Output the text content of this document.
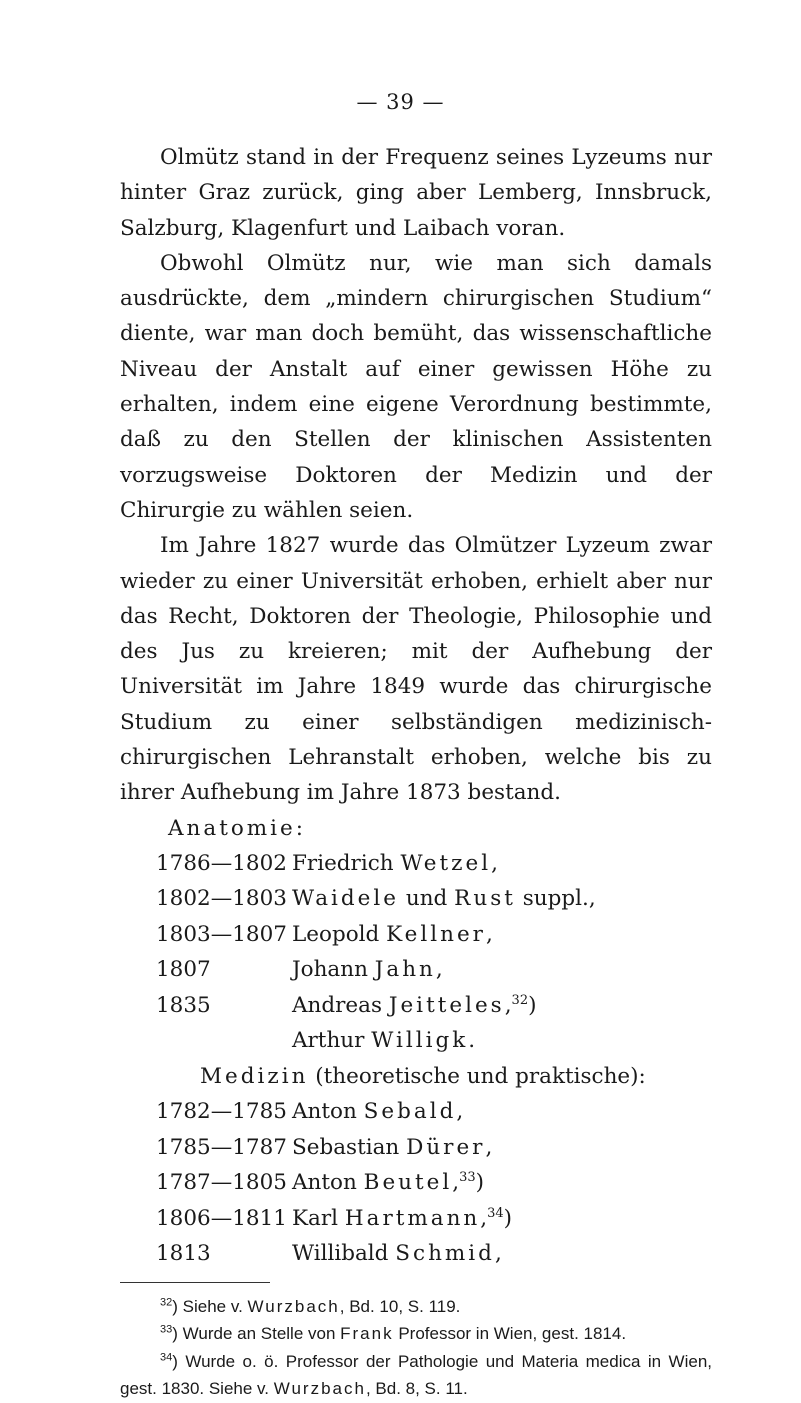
— 39 —

Olmütz stand in der Frequenz seines Lyzeums nur hinter Graz zurück, ging aber Lemberg, Innsbruck, Salzburg, Klagenfurt und Laibach voran.

Obwohl Olmütz nur, wie man sich damals ausdrückte, dem „mindern chirurgischen Studium“ diente, war man doch bemüht, das wissenschaftliche Niveau der Anstalt auf einer gewissen Höhe zu erhalten, indem eine eigene Verordnung bestimmte, daß zu den Stellen der klinischen Assistenten vorzugsweise Doktoren der Medizin und der Chirurgie zu wählen seien.

Im Jahre 1827 wurde das Olmützer Lyzeum zwar wieder zu einer Universität erhoben, erhielt aber nur das Recht, Doktoren der Theologie, Philosophie und des Jus zu kreieren; mit der Aufhebung der Universität im Jahre 1849 wurde das chirurgische Studium zu einer selbständigen medizinisch-chirurgischen Lehranstalt erhoben, welche bis zu ihrer Aufhebung im Jahre 1873 bestand.

Anatomie:

1786—1802 Friedrich Wetzel,
1802—1803 Waidele und Rust suppl.,
1803—1807 Leopold Kellner,
1807	Johann Jahn,
1835	Andreas Jeitteles,$^{32}$)
Arthur Willigk.

Medizin (theoretische und praktische):

1782—1785 Anton Sebald,
1785—1787 Sebastian Dürer,
1787—1805 Anton Beutel,$^{33}$)
1806—1811 Karl Hartmann,$^{34}$)
1813	Willibald Schmid,

$^{32}$) Siehe v. Wurzbach, Bd. 10, S. 119.

$^{33}$) Wurde an Stelle von Frank Professor in Wien, gest. 1814.

$^{34}$) Wurde o. ö. Professor der Pathologie und Materia medica in Wien, gest. 1830. Siehe v. Wurzbach, Bd. 8, S. 11.
